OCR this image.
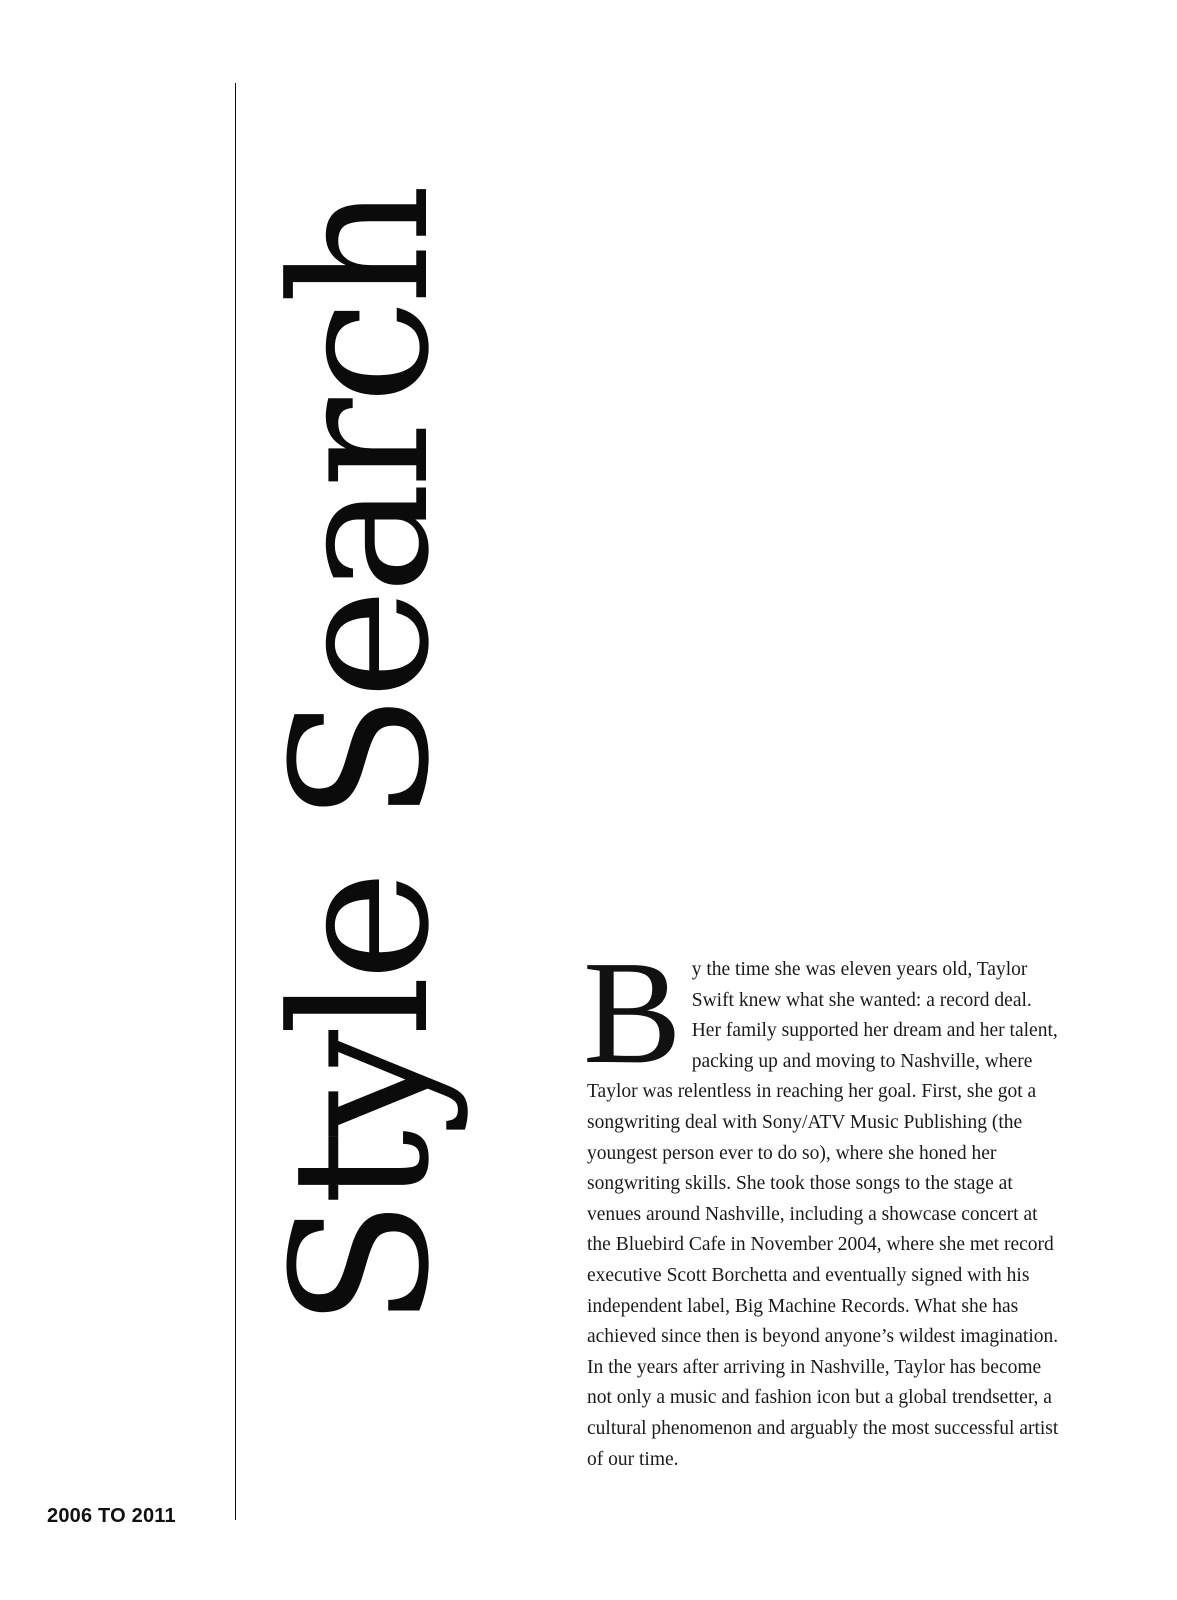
Style Search
2006 TO 2011

By the time she was eleven years old, Taylor Swift knew what she wanted: a record deal. Her family supported her dream and her talent, packing up and moving to Nashville, where Taylor was relentless in reaching her goal. First, she got a songwriting deal with Sony/ATV Music Publishing (the youngest person ever to do so), where she honed her songwriting skills. She took those songs to the stage at venues around Nashville, including a showcase concert at the Bluebird Cafe in November 2004, where she met record executive Scott Borchetta and eventually signed with his independent label, Big Machine Records. What she has achieved since then is beyond anyone’s wildest imagination. In the years after arriving in Nashville, Taylor has become not only a music and fashion icon but a global trendsetter, a cultural phenomenon and arguably the most successful artist of our time.
